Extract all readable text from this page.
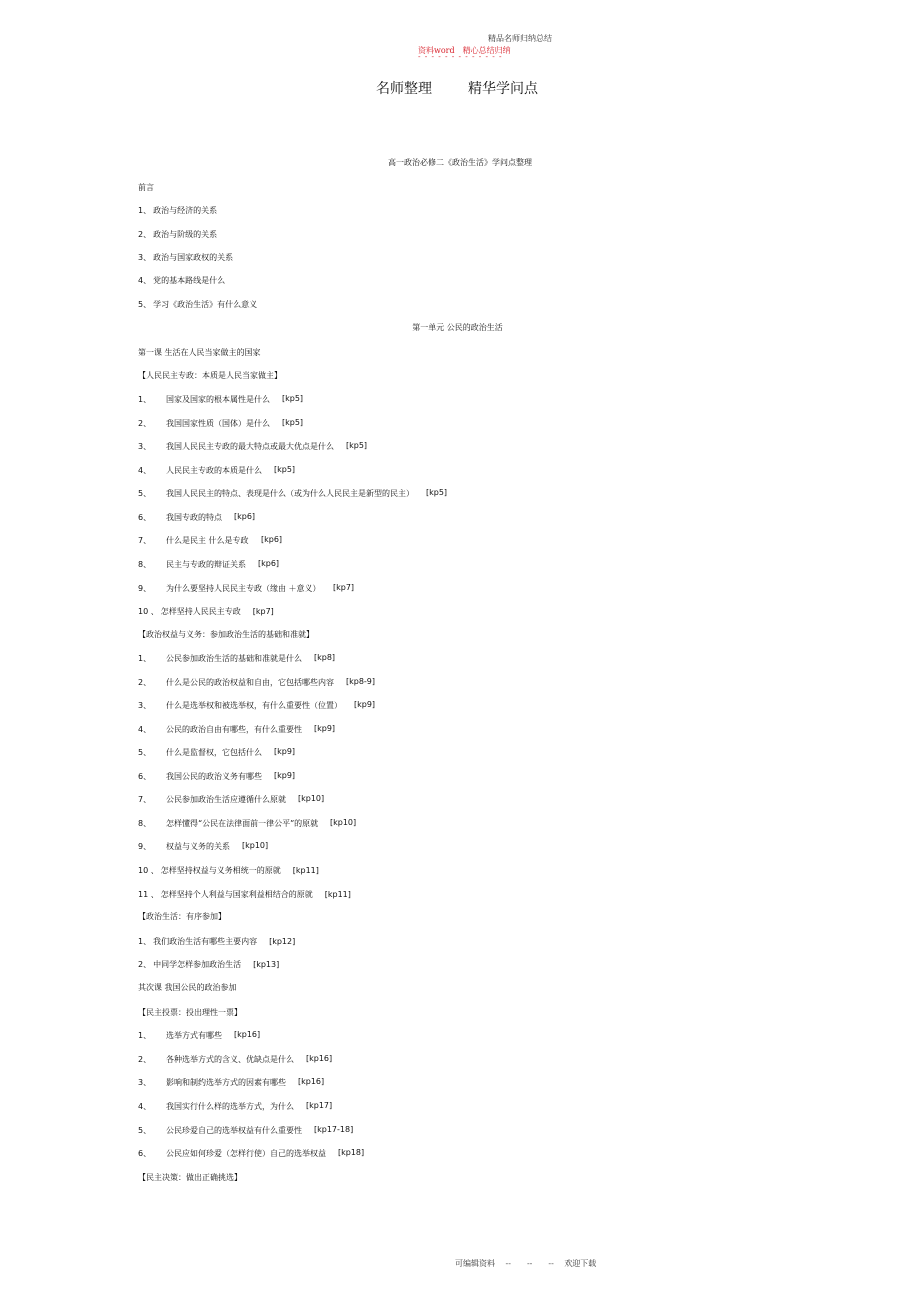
精品名师归纳总结
资料word 精心总结归纳
- - - - - - - - - - - - -
名师整理	精华学问点
高一政治必修二《政治生活》学问点整理
第一单元 公民的政治生活
前言
1、 政治与经济的关系
2、 政治与阶级的关系
3、 政治与国家政权的关系
4、 党的基本路线是什么
5、 学习《政治生活》有什么意义
第一课 生活在人民当家做主的国家
【人民民主专政：本质是人民当家做主】
1、 国家及国家的根本属性是什么 [kp5]
2、 我国国家性质（国体）是什么 [kp5]
3、 我国人民民主专政的最大特点或最大优点是什么 [kp5]
4、 人民民主专政的本质是什么 [kp5]
5、 我国人民民主的特点、表现是什么（或为什么人民民主是新型的民主） [kp5]
6、 我国专政的特点 [kp6]
7、 什么是民主 什么是专政 [kp6]
8、 民主与专政的辩证关系 [kp6]
9、 为什么要坚持人民民主专政（缘由 ＋意义） [kp7]
10 、 怎样坚持人民民主专政 [kp7]
【政治权益与义务：参加政治生活的基础和准就】
1、 公民参加政治生活的基础和准就是什么 [kp8]
2、 什么是公民的政治权益和自由，它包括哪些内容 [kp8-9]
3、 什么是选举权和被选举权，有什么重要性（位置） [kp9]
4、 公民的政治自由有哪些，有什么重要性 [kp9]
5、 什么是监督权，它包括什么 [kp9]
6、 我国公民的政治义务有哪些 [kp9]
7、 公民参加政治生活应遵循什么原就 [kp10]
8、 怎样懂得“公民在法律面前一律公平”的原就 [kp10]
9、 权益与义务的关系 [kp10]
10 、 怎样坚持权益与义务相统一的原就 [kp11]
11 、 怎样坚持个人利益与国家利益相结合的原就 [kp11]
【政治生活：有序参加】
1、 我们政治生活有哪些主要内容 [kp12]
2、 中同学怎样参加政治生活 [kp13]
其次课 我国公民的政治参加
【民主投票：投出理性一票】
1、 选举方式有哪些 [kp16]
2、 各种选举方式的含义、优缺点是什么 [kp16]
3、 影响和制约选举方式的因素有哪些 [kp16]
4、 我国实行什么样的选举方式，为什么 [kp17]
5、 公民珍爱自己的选举权益有什么重要性 [kp17-18]
6、 公民应如何珍爱（怎样行使）自己的选举权益 [kp18]
【民主决策：做出正确挑选】
可编辑资料 -- -- -- 欢迎下载
